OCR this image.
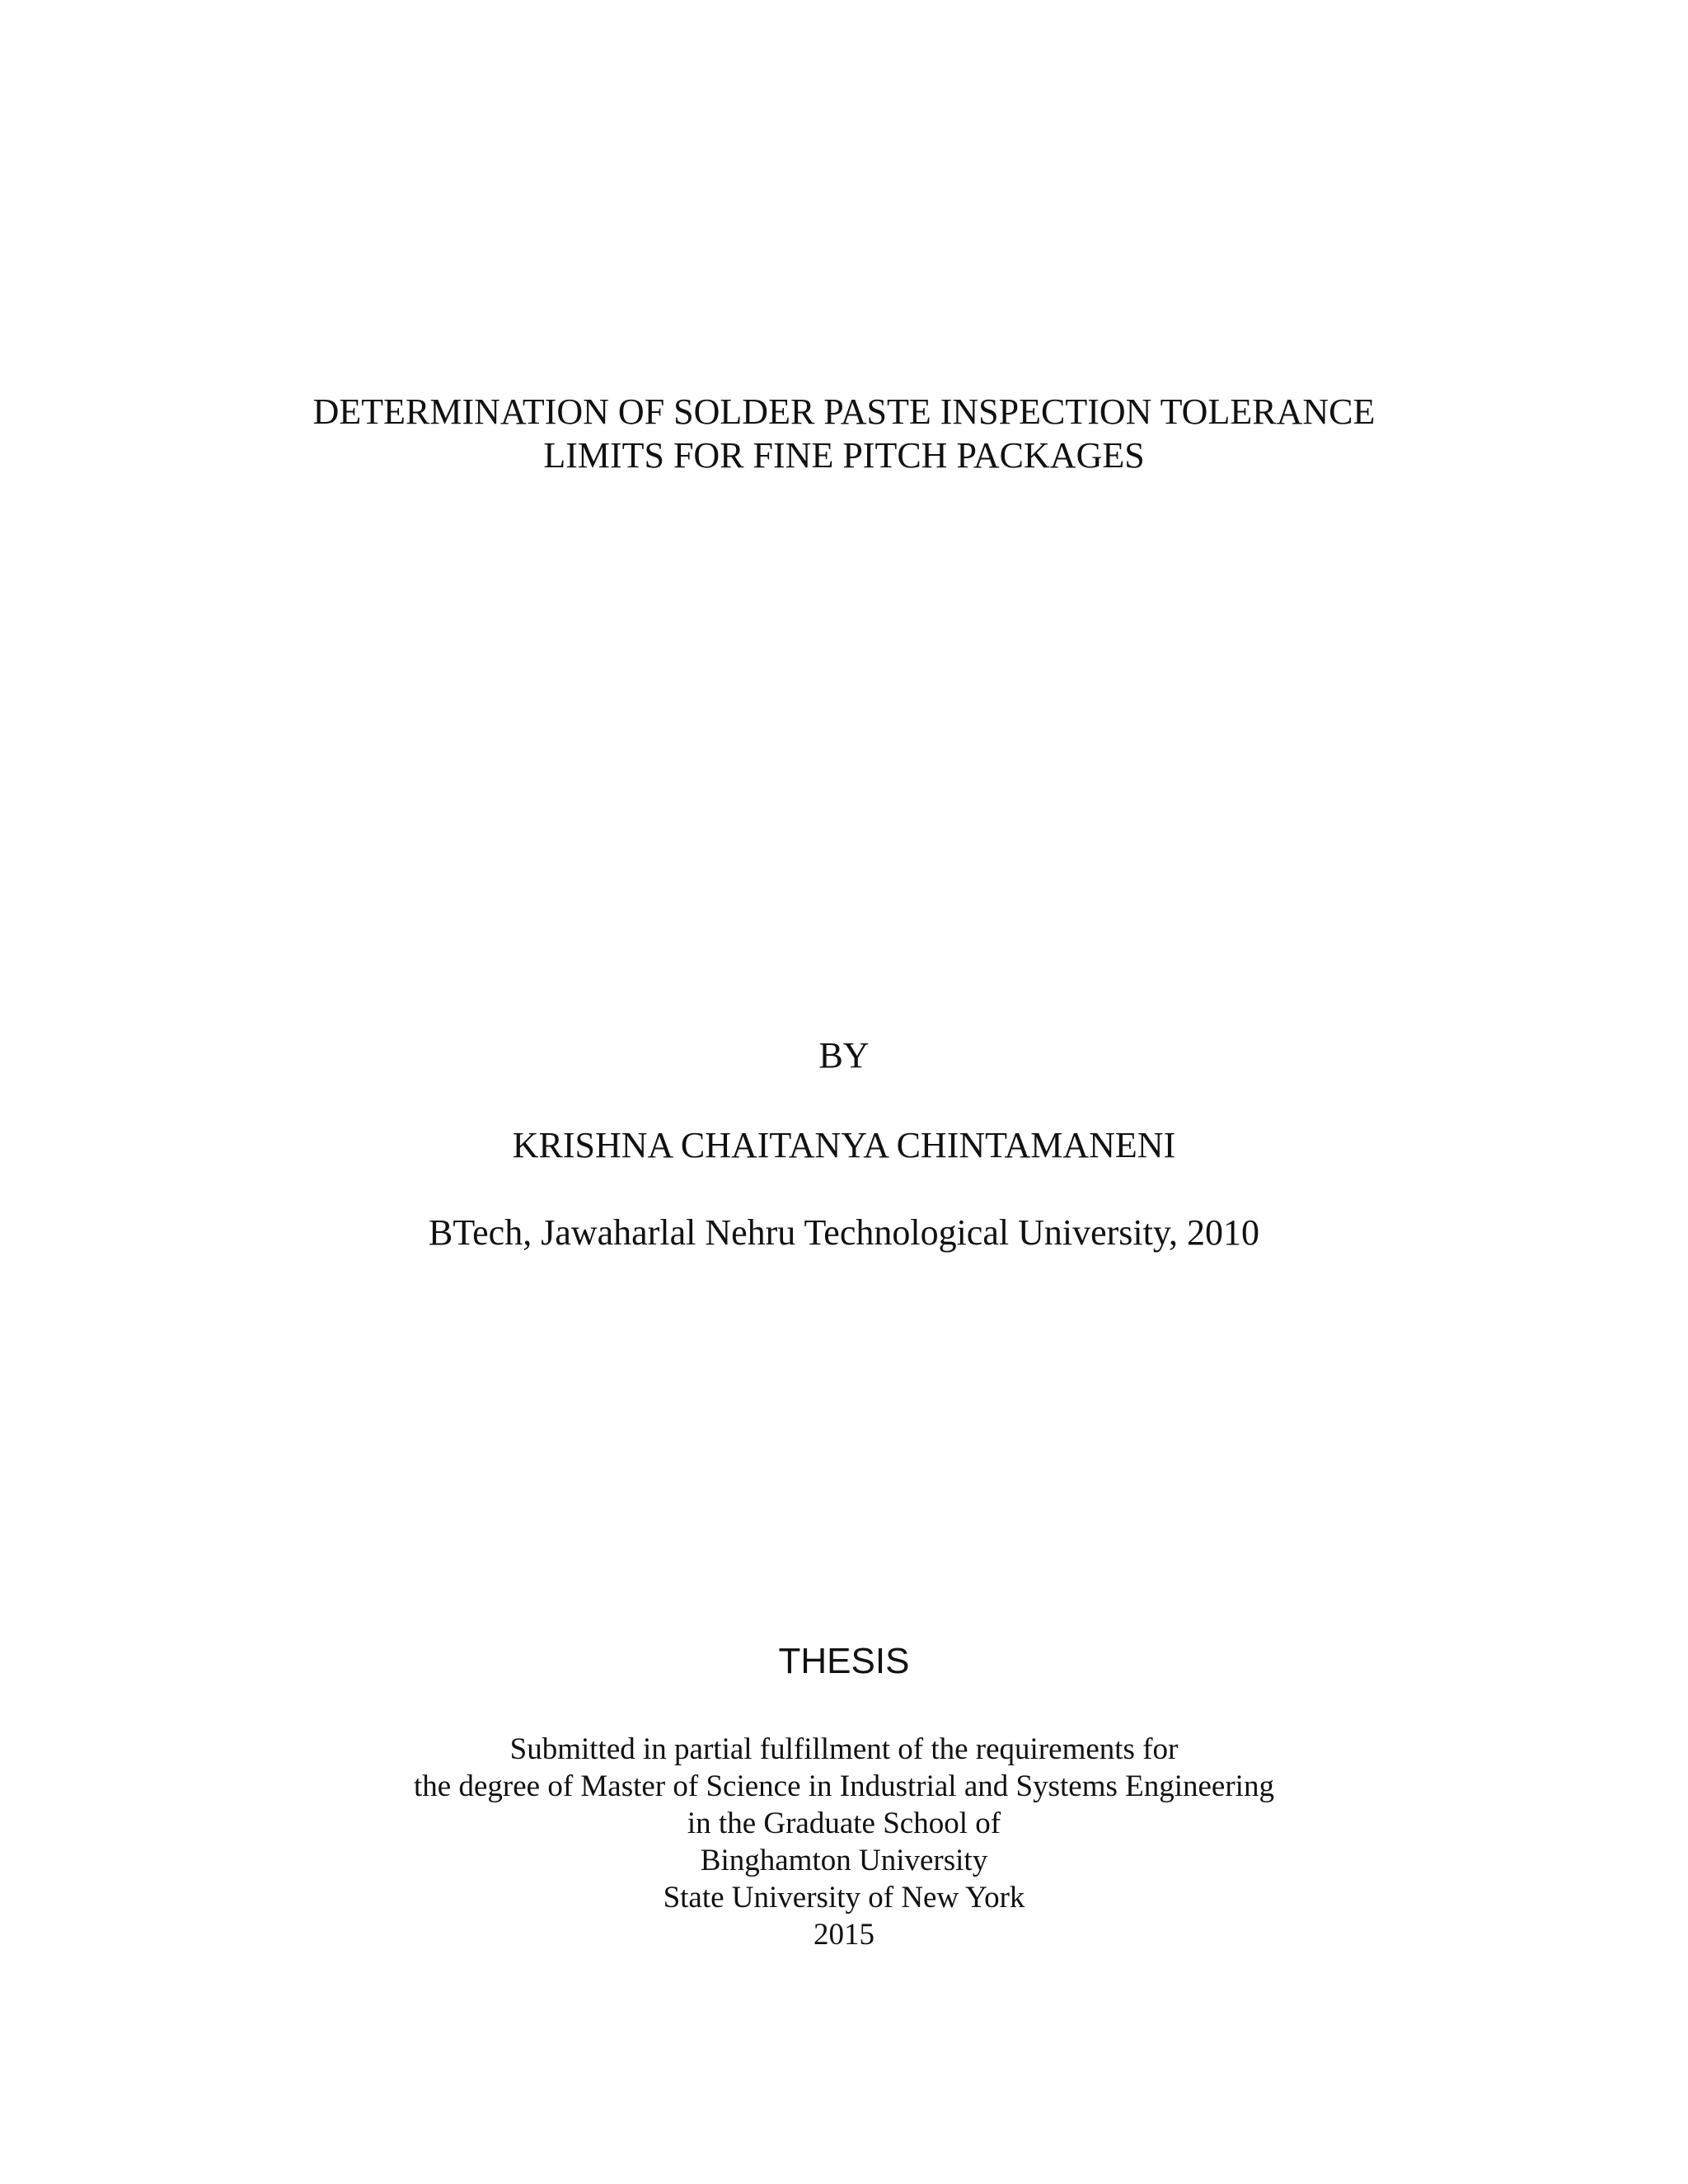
DETERMINATION OF SOLDER PASTE INSPECTION TOLERANCE

LIMITS FOR FINE PITCH PACKAGES

BY

KRISHNA CHAITANYA CHINTAMANENI

BTech, Jawaharlal Nehru Technological University, 2010

THESIS

Submitted in partial fulfillment of the requirements for

the degree of Master of Science in Industrial and Systems Engineering

in the Graduate School of

Binghamton University

State University of New York

2015
